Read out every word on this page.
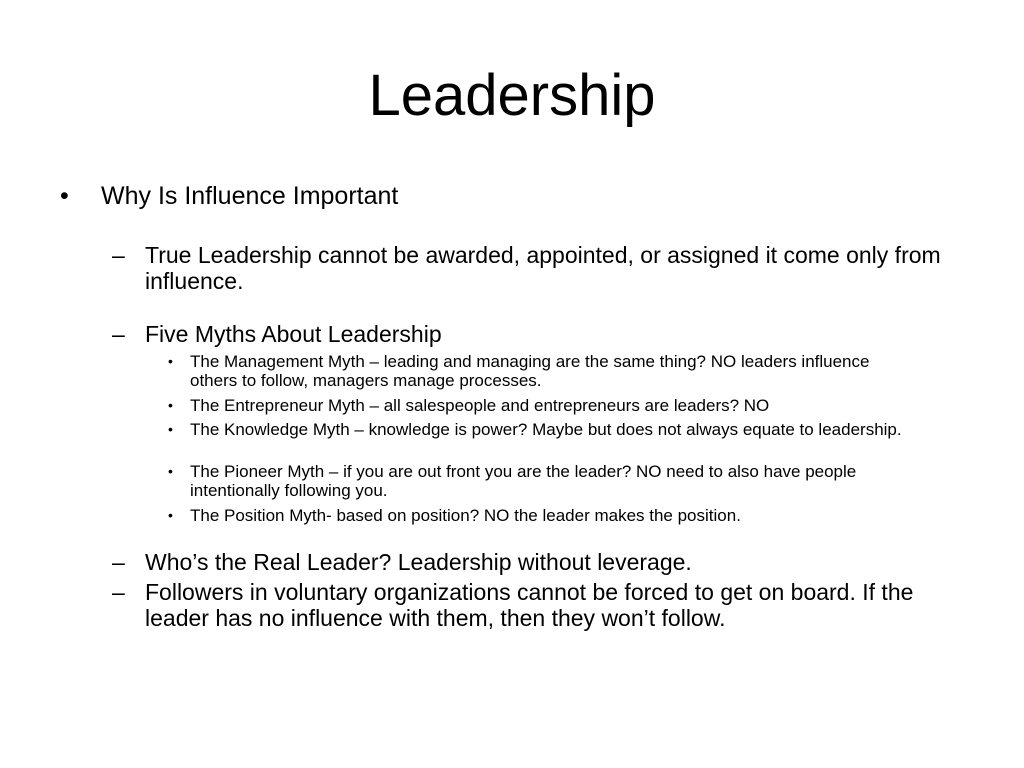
Leadership
• Why Is Influence Important
– True Leadership cannot be awarded, appointed, or assigned it come only from influence.
– Five Myths About Leadership
• The Management Myth – leading and managing are the same thing? NO leaders influence others to follow, managers manage processes.
• The Entrepreneur Myth – all salespeople and entrepreneurs are leaders? NO
• The Knowledge Myth – knowledge is power? Maybe but does not always equate to leadership.
• The Pioneer Myth – if you are out front you are the leader? NO need to also have people intentionally following you.
• The Position Myth- based on position? NO the leader makes the position.
– Who’s the Real Leader? Leadership without leverage.
– Followers in voluntary organizations cannot be forced to get on board. If the leader has no influence with them, then they won’t follow.
